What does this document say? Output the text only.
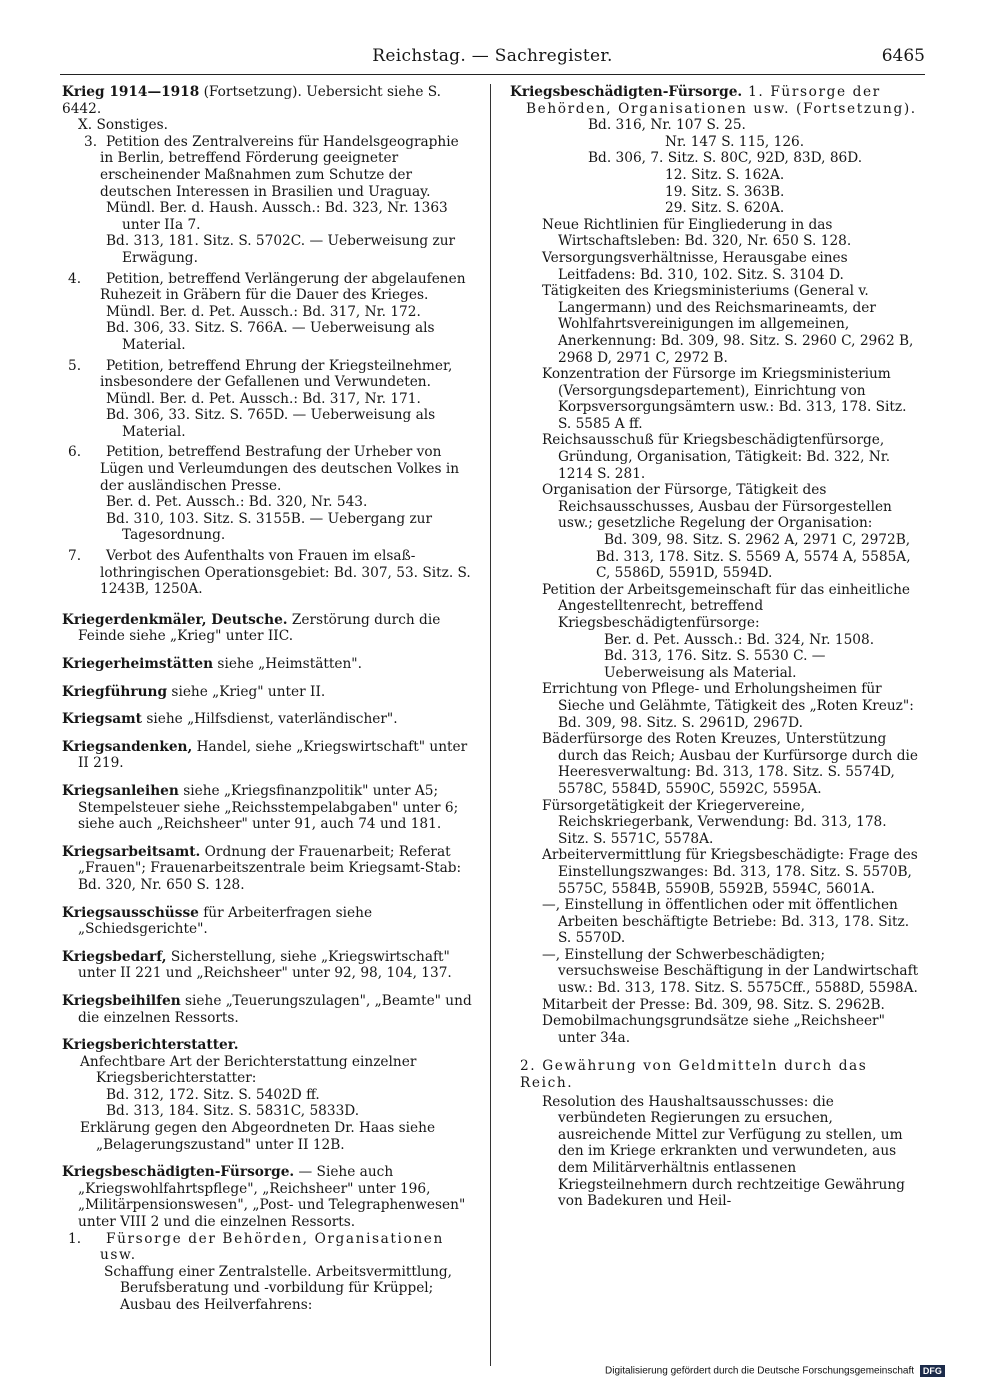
Reichstag. — Sachregister.	6465

Krieg 1914—1918 (Fortsetzung). Uebersicht siehe S. 6442.

X. Sonstiges.

3. Petition des Zentralvereins für Handelsgeographie in Berlin, betreffend Förderung geeigneter erscheinender Maßnahmen zum Schutze der deutschen Interessen in Brasilien und Uraguay.

Mündl. Ber. d. Haush. Aussch.: Bd. 323, Nr. 1363 unter IIa 7.

Bd. 313, 181. Sitz. S. 5702C. — Ueberweisung zur Erwägung.

4. Petition, betreffend Verlängerung der abgelaufenen Ruhezeit in Gräbern für die Dauer des Krieges.

Mündl. Ber. d. Pet. Aussch.: Bd. 317, Nr. 172.

Bd. 306, 33. Sitz. S. 766A. — Ueberweisung als Material.

5. Petition, betreffend Ehrung der Kriegsteilnehmer, insbesondere der Gefallenen und Verwundeten.

Mündl. Ber. d. Pet. Aussch.: Bd. 317, Nr. 171.

Bd. 306, 33. Sitz. S. 765D. — Ueberweisung als Material.

6. Petition, betreffend Bestrafung der Urheber von Lügen und Verleumdungen des deutschen Volkes in der ausländischen Presse.

Ber. d. Pet. Aussch.: Bd. 320, Nr. 543.

Bd. 310, 103. Sitz. S. 3155B. — Uebergang zur Tagesordnung.

7. Verbot des Aufenthalts von Frauen im elsaß-lothringischen Operationsgebiet: Bd. 307, 53. Sitz. S. 1243B, 1250A.

Kriegerdenkmäler, Deutsche. Zerstörung durch die Feinde siehe „Krieg" unter IIC.

Kriegerheimstätten siehe „Heimstätten".

Kriegführung siehe „Krieg" unter II.

Kriegsamt siehe „Hilfsdienst, vaterländischer".

Kriegsandenken, Handel, siehe „Kriegswirtschaft" unter II 219.

Kriegsanleihen siehe „Kriegsfinanzpolitik" unter A5; Stempelsteuer siehe „Reichsstempelabgaben" unter 6; siehe auch „Reichsheer" unter 91, auch 74 und 181.

Kriegsarbeitsamt. Ordnung der Frauenarbeit; Referat „Frauen"; Frauenarbeitszentrale beim Kriegsamt-Stab: Bd. 320, Nr. 650 S. 128.

Kriegsausschüsse für Arbeiterfragen siehe „Schiedsgerichte".

Kriegsbedarf, Sicherstellung, siehe „Kriegswirtschaft" unter II 221 und „Reichsheer" unter 92, 98, 104, 137.

Kriegsbeihilfen siehe „Teuerungszulagen", „Beamte" und die einzelnen Ressorts.

Kriegsberichterstatter.

Anfechtbare Art der Berichterstattung einzelner Kriegsberichterstatter:

Bd. 312, 172. Sitz. S. 5402D ff.

Bd. 313, 184. Sitz. S. 5831C, 5833D.

Erklärung gegen den Abgeordneten Dr. Haas siehe „Belagerungszustand" unter II 12B.

Kriegsbeschädigten-Fürsorge. — Siehe auch „Kriegswohlfahrtspflege", „Reichsheer" unter 196, „Militärpensionswesen", „Post- und Telegraphenwesen" unter VIII 2 und die einzelnen Ressorts.

1. Fürsorge der Behörden, Organisationen usw.

Schaffung einer Zentralstelle. Arbeitsvermittlung, Berufsberatung und -vorbildung für Krüppel; Ausbau des Heilverfahrens:

Kriegsbeschädigten-Fürsorge. 1. Fürsorge der Behörden, Organisationen usw. (Fortsetzung).

Bd. 316, Nr. 107 S. 25.

Nr. 147 S. 115, 126.

Bd. 306, 7. Sitz. S. 80C, 92D, 83D, 86D.

12. Sitz. S. 162A.

19. Sitz. S. 363B.

29. Sitz. S. 620A.

Neue Richtlinien für Eingliederung in das Wirtschaftsleben: Bd. 320, Nr. 650 S. 128.

Versorgungsverhältnisse, Herausgabe eines Leitfadens: Bd. 310, 102. Sitz. S. 3104 D.

Tätigkeiten des Kriegsministeriums (General v. Langermann) und des Reichsmarineamts, der Wohlfahrtsvereinigungen im allgemeinen, Anerkennung: Bd. 309, 98. Sitz. S. 2960 C, 2962 B, 2968 D, 2971 C, 2972 B.

Konzentration der Fürsorge im Kriegsministerium (Versorgungsdepartement), Einrichtung von Korpsversorgungsämtern usw.: Bd. 313, 178. Sitz. S. 5585 A ff.

Reichsausschuß für Kriegsbeschädigtenfürsorge, Gründung, Organisation, Tätigkeit: Bd. 322, Nr. 1214 S. 281.

Organisation der Fürsorge, Tätigkeit des Reichsausschusses, Ausbau der Fürsorgestellen usw.; gesetzliche Regelung der Organisation:

Bd. 309, 98. Sitz. S. 2962 A, 2971 C, 2972B,

Bd. 313, 178. Sitz. S. 5569 A, 5574 A, 5585A, C, 5586D, 5591D, 5594D.

Petition der Arbeitsgemeinschaft für das einheitliche Angestelltenrecht, betreffend Kriegsbeschädigtenfürsorge:

Ber. d. Pet. Aussch.: Bd. 324, Nr. 1508.

Bd. 313, 176. Sitz. S. 5530 C. — Ueberweisung als Material.

Errichtung von Pflege- und Erholungsheimen für Sieche und Gelähmte, Tätigkeit des „Roten Kreuz": Bd. 309, 98. Sitz. S. 2961D, 2967D.

Bäderfürsorge des Roten Kreuzes, Unterstützung durch das Reich; Ausbau der Kurfürsorge durch die Heeresverwaltung: Bd. 313, 178. Sitz. S. 5574D, 5578C, 5584D, 5590C, 5592C, 5595A.

Fürsorgetätigkeit der Kriegervereine, Reichskriegerbank, Verwendung: Bd. 313, 178. Sitz. S. 5571C, 5578A.

Arbeitervermittlung für Kriegsbeschädigte: Frage des Einstellungszwanges: Bd. 313, 178. Sitz. S. 5570B, 5575C, 5584B, 5590B, 5592B, 5594C, 5601A.

—, Einstellung in öffentlichen oder mit öffentlichen Arbeiten beschäftigte Betriebe: Bd. 313, 178. Sitz. S. 5570D.

—, Einstellung der Schwerbeschädigten; versuchsweise Beschäftigung in der Landwirtschaft usw.: Bd. 313, 178. Sitz. S. 5575Cff., 5588D, 5598A.

Mitarbeit der Presse: Bd. 309, 98. Sitz. S. 2962B.

Demobilmachungsgrundsätze siehe „Reichsheer" unter 34a.

2. Gewährung von Geldmitteln durch das Reich.

Resolution des Haushaltsausschusses: die verbündeten Regierungen zu ersuchen, ausreichende Mittel zur Verfügung zu stellen, um den im Kriege erkrankten und verwundeten, aus dem Militärverhältnis entlassenen Kriegsteilnehmern durch rechtzeitige Gewährung von Badekuren und Heil-

Digitalisierung gefördert durch die Deutsche Forschungsgemeinschaft DFG
